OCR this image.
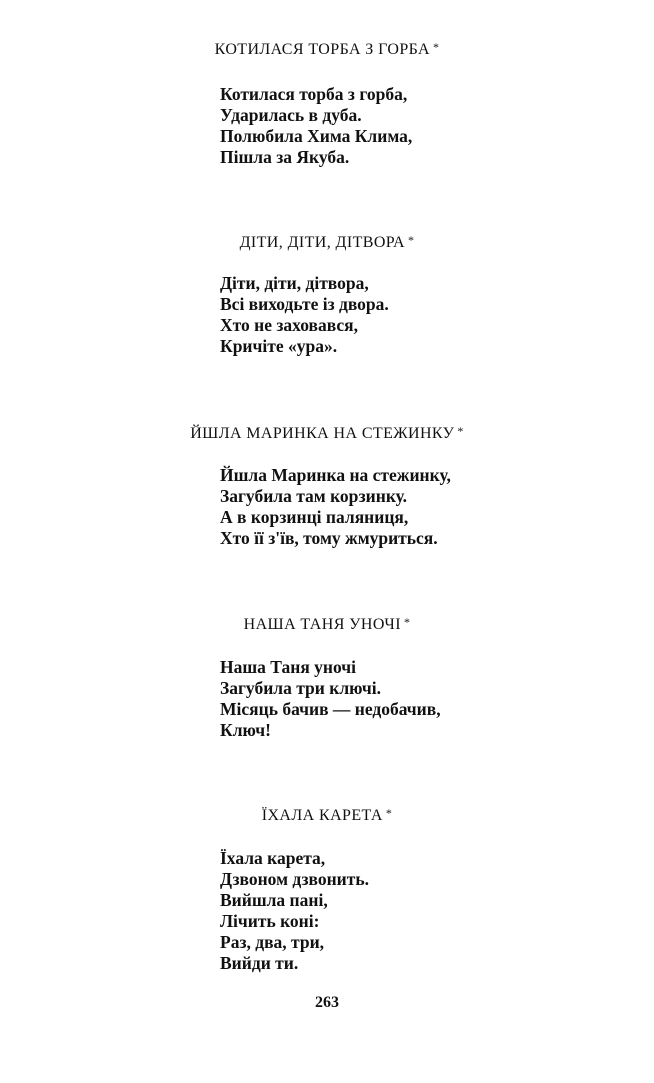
КОТИЛАСЯ ТОРБА З ГОРБА *
Котилася торба з горба,
Ударилась в дуба.
Полюбила Хима Клима,
Пішла за Якуба.
ДІТИ, ДІТИ, ДІТВОРА *
Діти, діти, дітвора,
Всі виходьте із двора.
Хто не заховався,
Кричіте «ура».
ЙШЛА МАРИНКА НА СТЕЖИНКУ *
Йшла Маринка на стежинку,
Загубила там корзинку.
А в корзинці паляниця,
Хто її з'їв, тому жмуриться.
НАША ТАНЯ УНОЧІ *
Наша Таня уночі
Загубила три ключі.
Місяць бачив — недобачив,
Ключ!
ЇХАЛА КАРЕТА *
Їхала карета,
Дзвоном дзвонить.
Вийшла пані,
Лічить коні:
Раз, два, три,
Вийди ти.
263
